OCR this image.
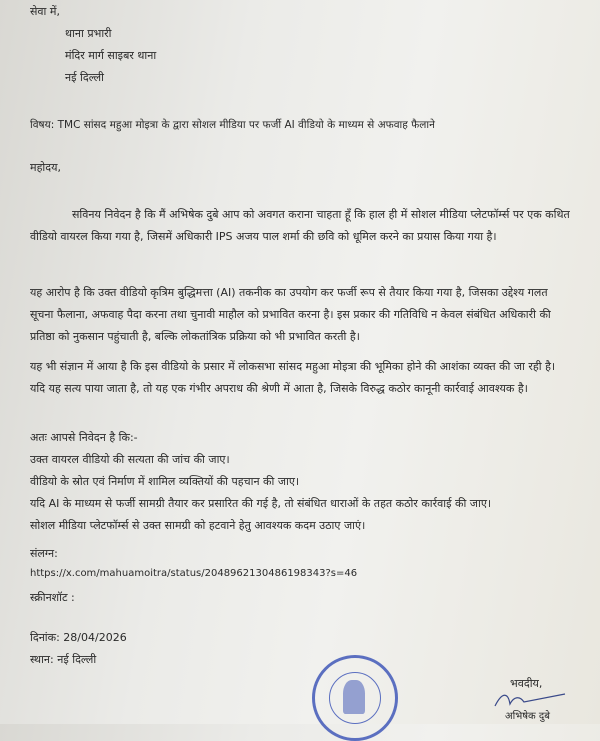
सेवा में,
थाना प्रभारी
मंदिर मार्ग साइबर थाना
नई दिल्ली
विषय: TMC सांसद महुआ मोइत्रा के द्वारा सोशल मीडिया पर फर्जी AI वीडियो के माध्यम से अफवाह फैलाने
महोदय,
सविनय निवेदन है कि मैं अभिषेक दुबे आप को अवगत कराना चाहता हूँ कि हाल ही में सोशल मीडिया प्लेटफॉर्म्स पर एक कथित वीडियो वायरल किया गया है, जिसमें अधिकारी IPS अजय पाल शर्मा की छवि को धूमिल करने का प्रयास किया गया है।
यह आरोप है कि उक्त वीडियो कृत्रिम बुद्धिमत्ता (AI) तकनीक का उपयोग कर फर्जी रूप से तैयार किया गया है, जिसका उद्देश्य गलत सूचना फैलाना, अफवाह पैदा करना तथा चुनावी माहौल को प्रभावित करना है। इस प्रकार की गतिविधि न केवल संबंधित अधिकारी की प्रतिष्ठा को नुकसान पहुंचाती है, बल्कि लोकतांत्रिक प्रक्रिया को भी प्रभावित करती है।
यह भी संज्ञान में आया है कि इस वीडियो के प्रसार में लोकसभा सांसद महुआ मोइत्रा की भूमिका होने की आशंका व्यक्त की जा रही है। यदि यह सत्य पाया जाता है, तो यह एक गंभीर अपराध की श्रेणी में आता है, जिसके विरुद्ध कठोर कानूनी कार्रवाई आवश्यक है।
अतः आपसे निवेदन है कि:-
उक्त वायरल वीडियो की सत्यता की जांच की जाए।
वीडियो के स्रोत एवं निर्माण में शामिल व्यक्तियों की पहचान की जाए।
यदि AI के माध्यम से फर्जी सामग्री तैयार कर प्रसारित की गई है, तो संबंधित धाराओं के तहत कठोर कार्रवाई की जाए।
सोशल मीडिया प्लेटफॉर्म्स से उक्त सामग्री को हटवाने हेतु आवश्यक कदम उठाए जाएं।
संलग्न:
https://x.com/mahuamoitra/status/2048962130486198343?s=46
स्क्रीनशॉट :
दिनांक: 28/04/2026
स्थान: नई दिल्ली
भवदीय,
अभिषेक दुबे
